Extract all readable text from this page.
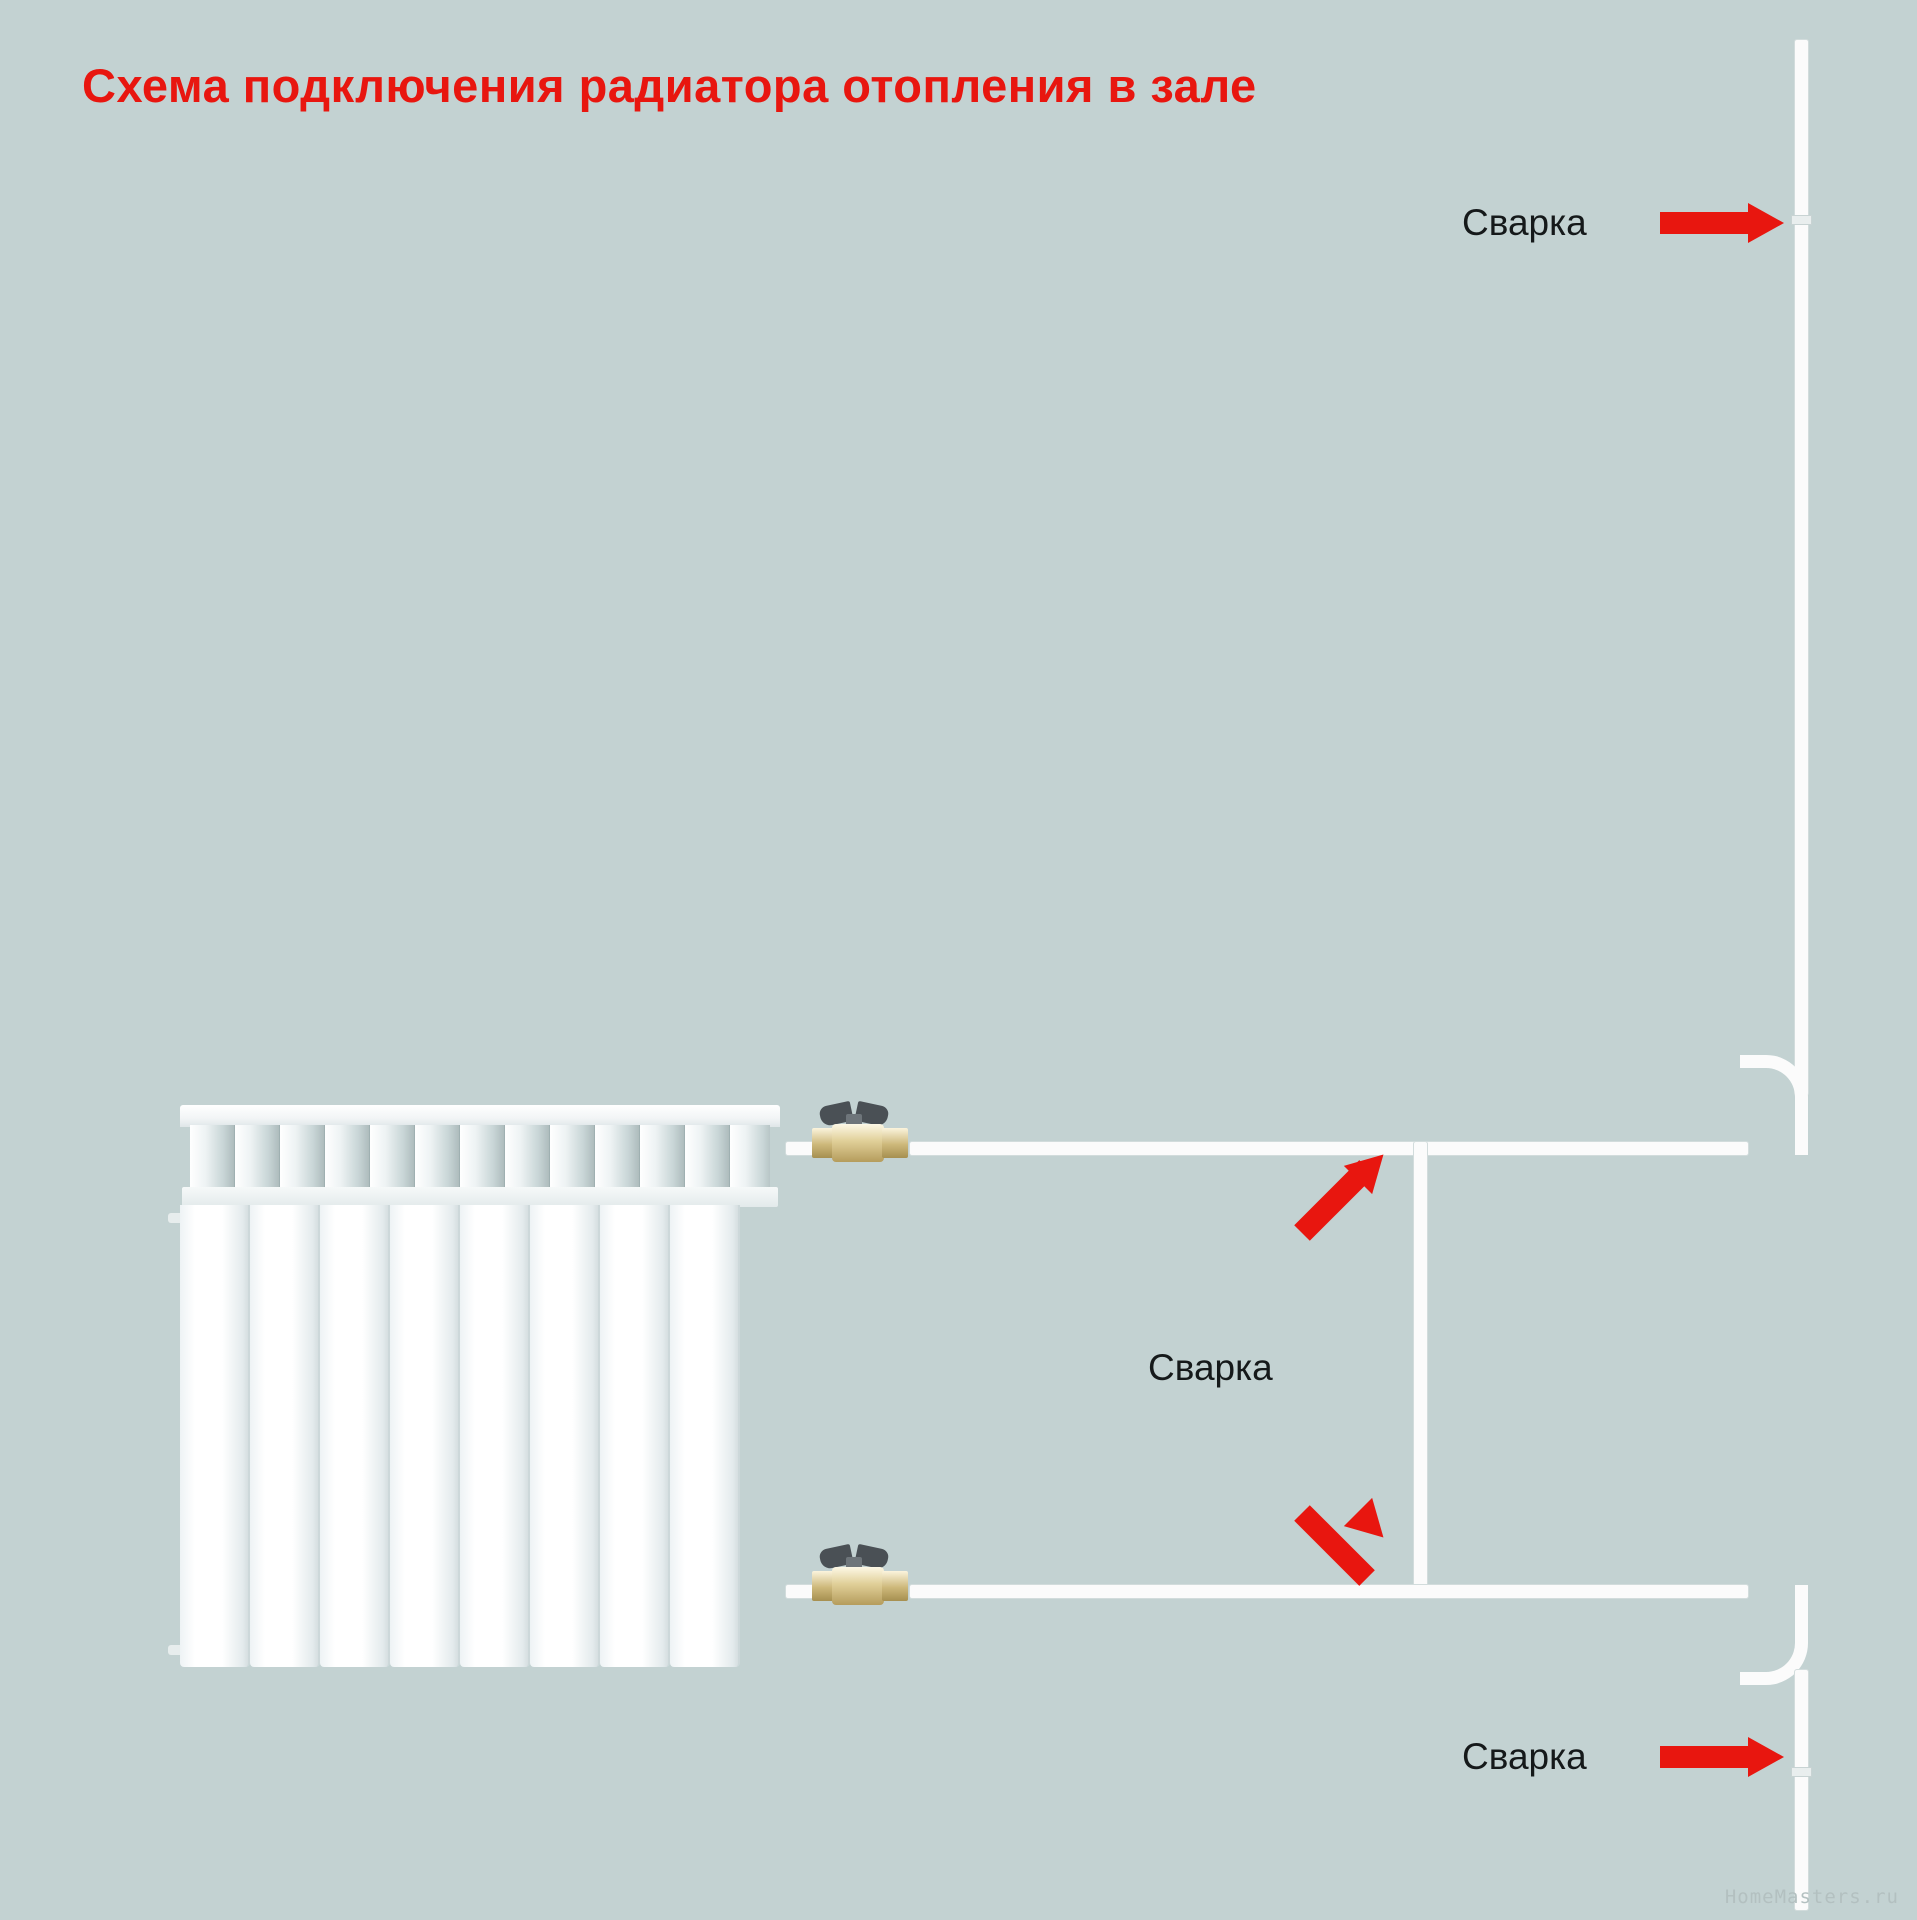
Схема подключения радиатора отопления в зале
Сварка
Сварка
Сварка
HomeMasters.ru
